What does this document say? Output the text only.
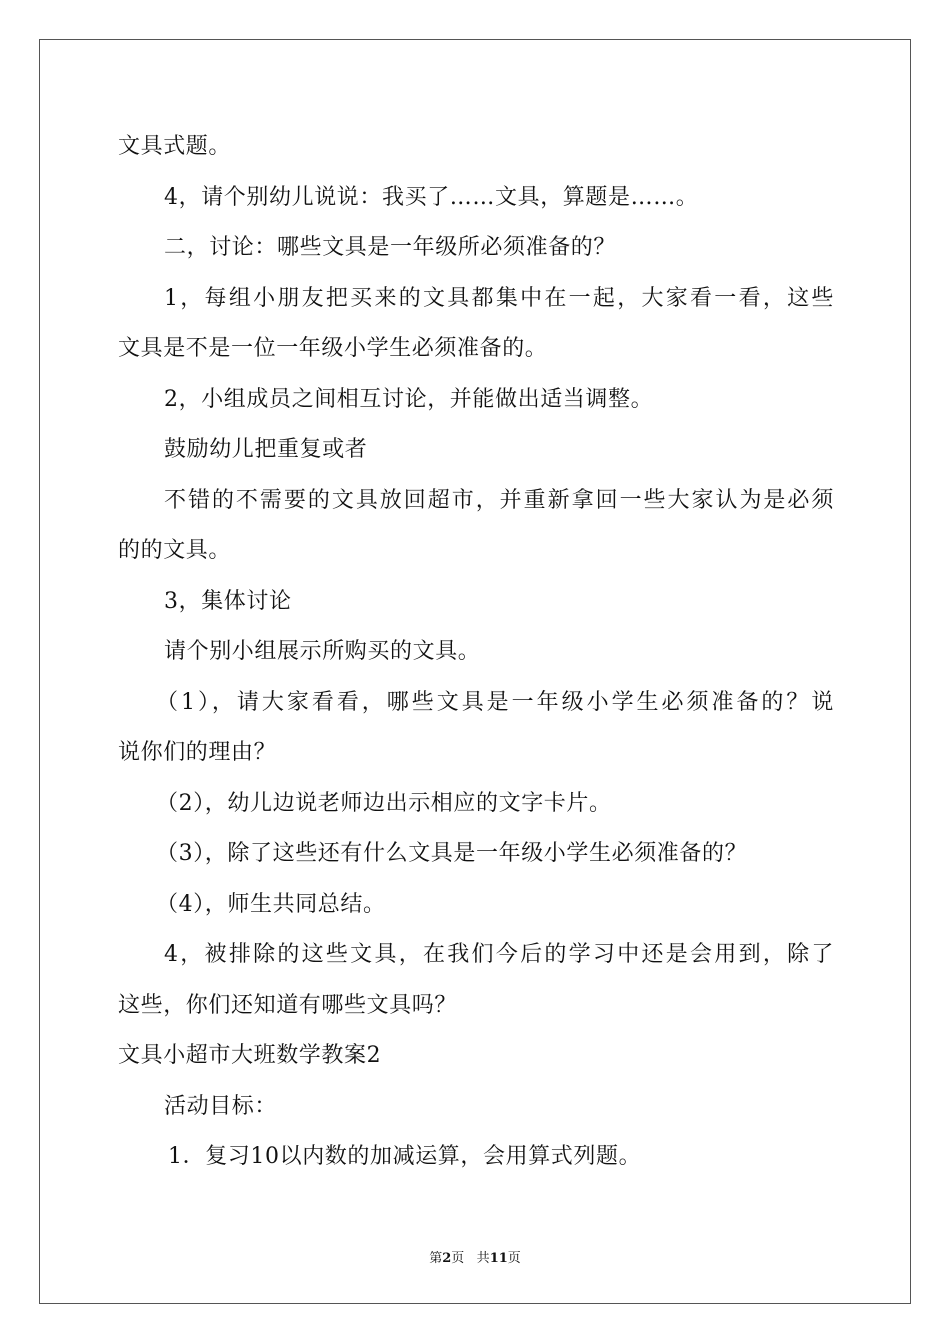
文具式题。
4，请个别幼儿说说：我买了……文具，算题是……。
二，讨论：哪些文具是一年级所必须准备的？
1，每组小朋友把买来的文具都集中在一起，大家看一看，这些
文具是不是一位一年级小学生必须准备的。
2，小组成员之间相互讨论，并能做出适当调整。
鼓励幼儿把重复或者
不错的不需要的文具放回超市，并重新拿回一些大家认为是必须
的的文具。
3，集体讨论
请个别小组展示所购买的文具。
（1），请大家看看，哪些文具是一年级小学生必须准备的？说
说你们的理由？
（2），幼儿边说老师边出示相应的文字卡片。
（3），除了这些还有什么文具是一年级小学生必须准备的？
（4），师生共同总结。
4，被排除的这些文具，在我们今后的学习中还是会用到，除了
这些，你们还知道有哪些文具吗？
文具小超市大班数学教案2
活动目标：
1．复习10以内数的加减运算，会用算式列题。
第2页 共11页
